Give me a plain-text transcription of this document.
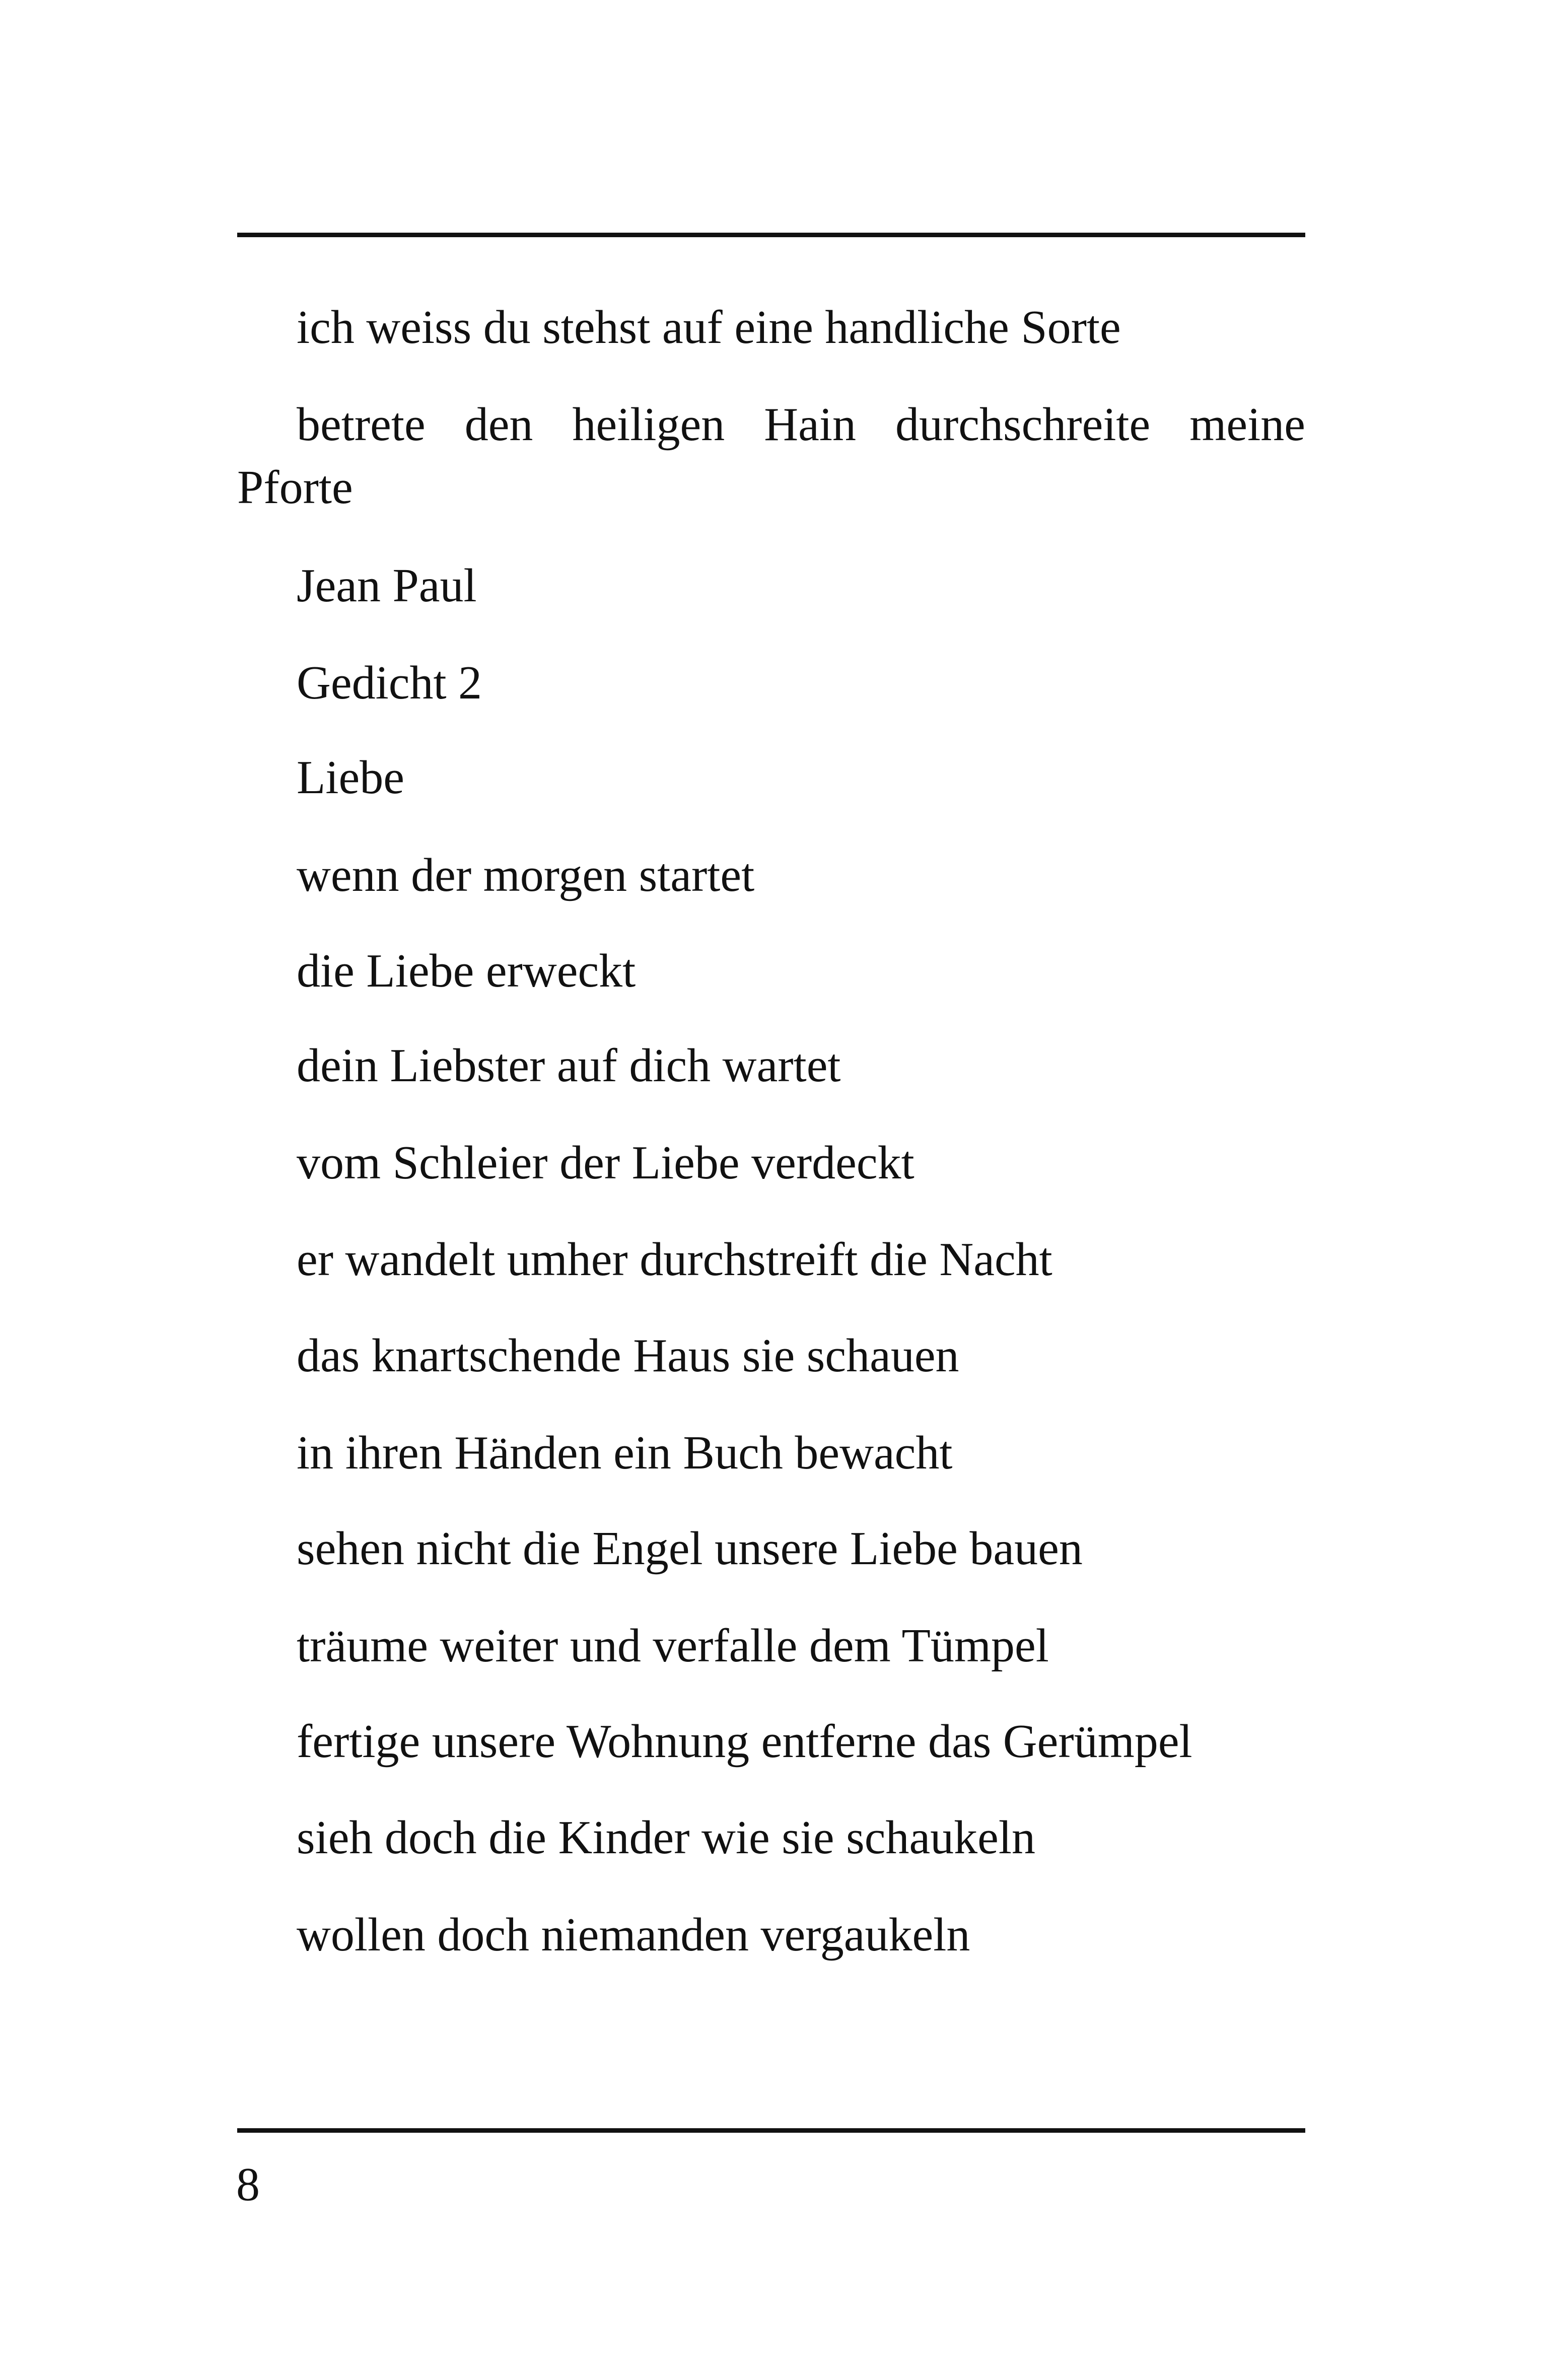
ich weiss du stehst auf eine handliche Sorte
betrete den heiligen Hain durchschreite meine
Pforte
Jean Paul
Gedicht 2
Liebe
wenn der morgen startet
die Liebe erweckt
dein Liebster auf dich wartet
vom Schleier der Liebe verdeckt
er wandelt umher durchstreift die Nacht
das knartschende Haus sie schauen
in ihren Händen ein Buch bewacht
sehen nicht die Engel unsere Liebe bauen
träume weiter und verfalle dem Tümpel
fertige unsere Wohnung entferne das Gerümpel
sieh doch die Kinder wie sie schaukeln
wollen doch niemanden vergaukeln
8
